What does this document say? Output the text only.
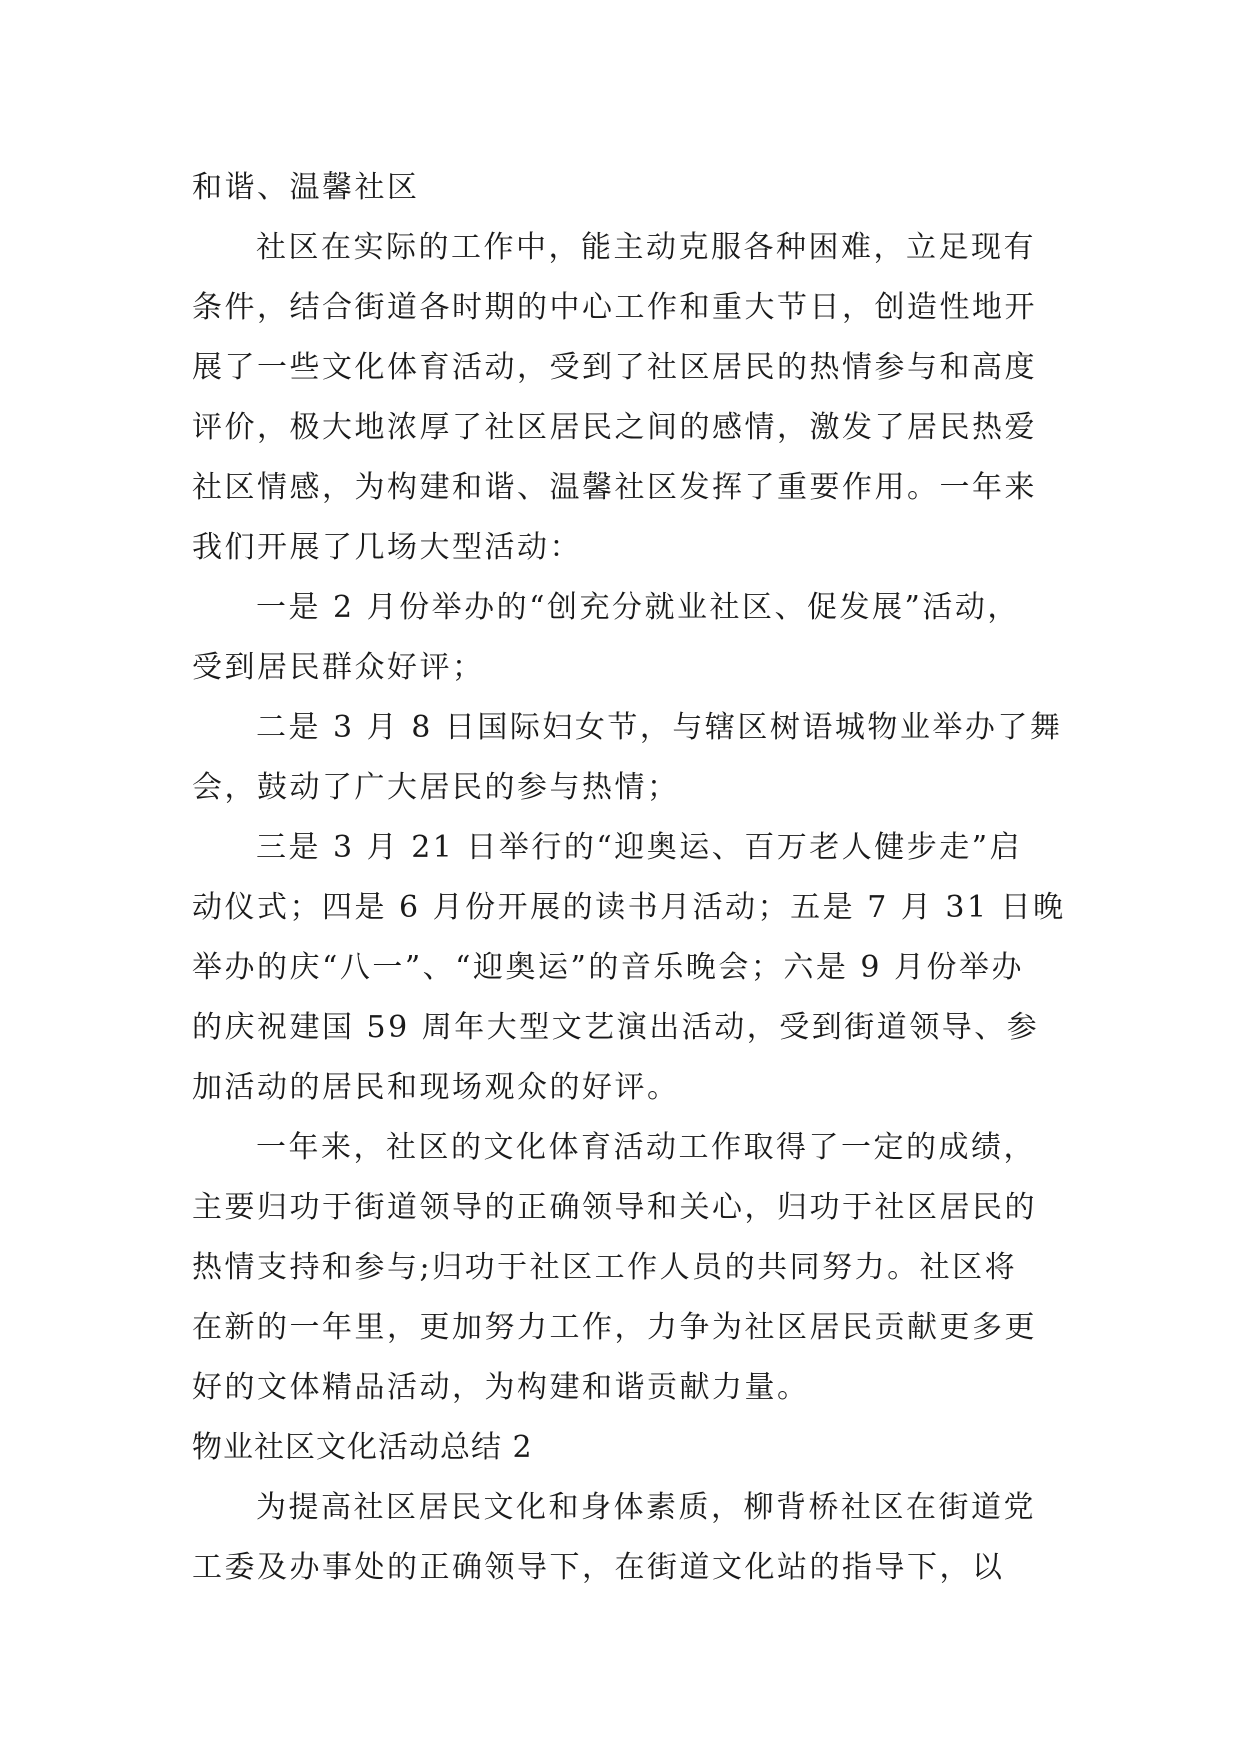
和谐、温馨社区
社区在实际的工作中，能主动克服各种困难，立足现有
条件，结合街道各时期的中心工作和重大节日，创造性地开
展了一些文化体育活动，受到了社区居民的热情参与和高度
评价，极大地浓厚了社区居民之间的感情，激发了居民热爱
社区情感，为构建和谐、温馨社区发挥了重要作用。一年来
我们开展了几场大型活动：
一是 2 月份举办的“创充分就业社区、促发展”活动，
受到居民群众好评；
二是 3 月 8 日国际妇女节，与辖区树语城物业举办了舞
会，鼓动了广大居民的参与热情；
三是 3 月 21 日举行的“迎奥运、百万老人健步走”启
动仪式；四是 6 月份开展的读书月活动；五是 7 月 31 日晚
举办的庆“八一”、“迎奥运”的音乐晚会；六是 9 月份举办
的庆祝建国 59 周年大型文艺演出活动，受到街道领导、参
加活动的居民和现场观众的好评。
一年来，社区的文化体育活动工作取得了一定的成绩，
主要归功于街道领导的正确领导和关心，归功于社区居民的
热情支持和参与;归功于社区工作人员的共同努力。社区将
在新的一年里，更加努力工作，力争为社区居民贡献更多更
好的文体精品活动，为构建和谐贡献力量。
物业社区文化活动总结 2
为提高社区居民文化和身体素质，柳背桥社区在街道党
工委及办事处的正确领导下，在街道文化站的指导下，以
